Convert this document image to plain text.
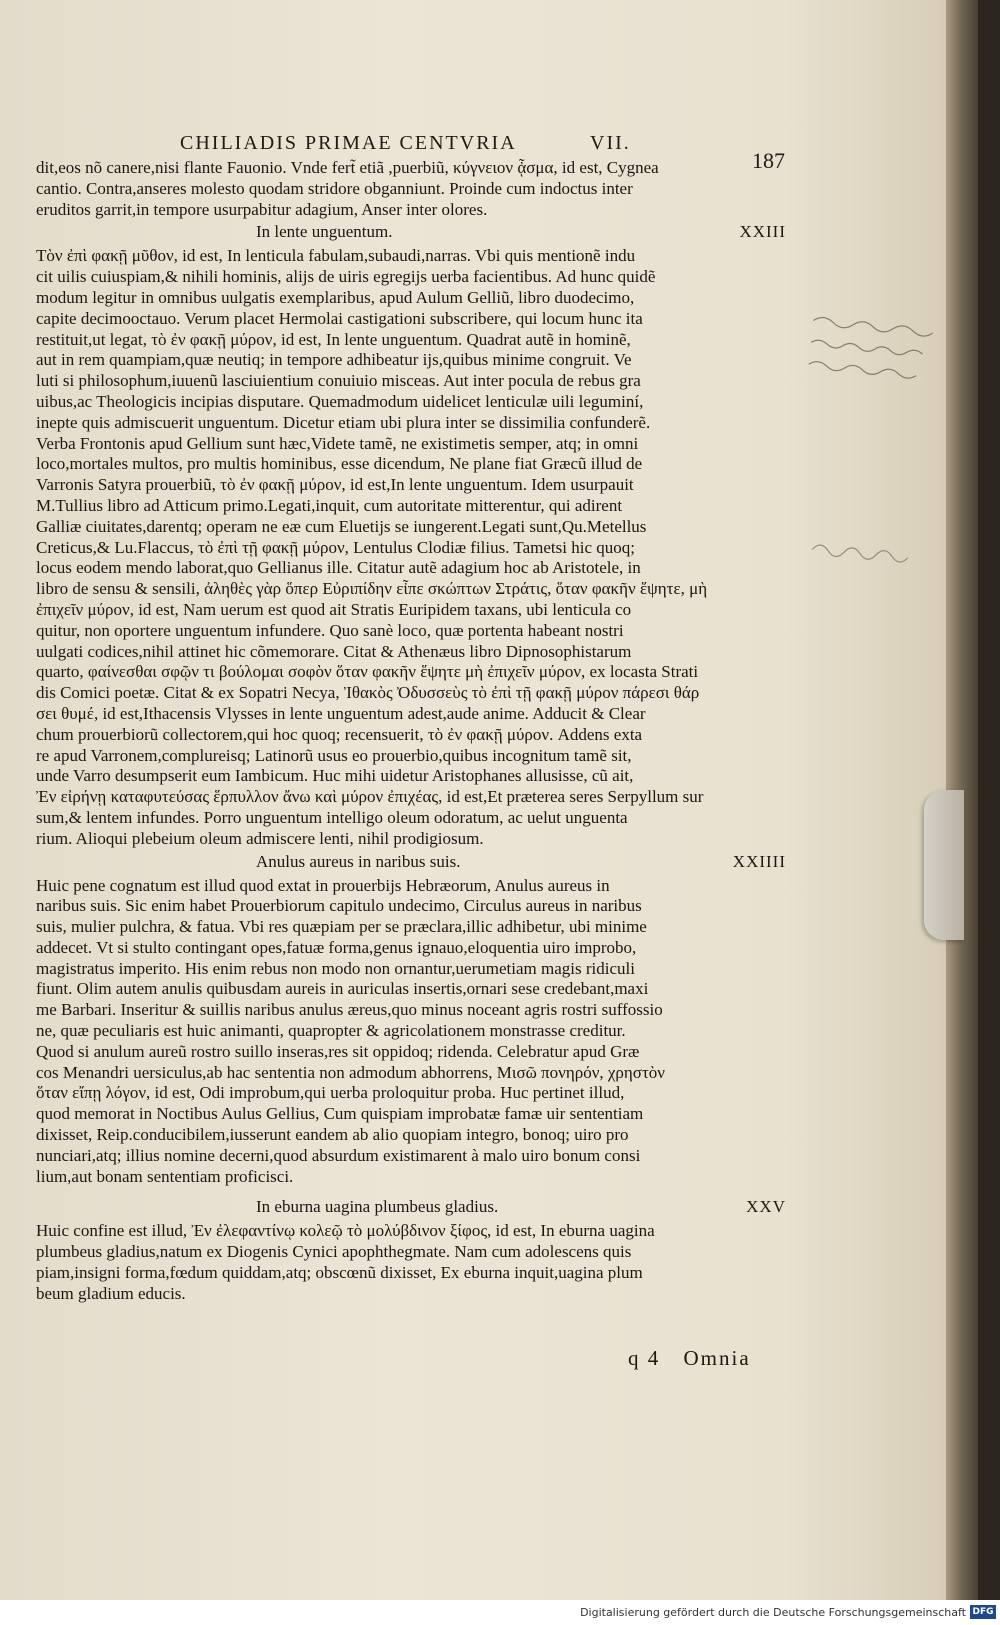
CHILIADIS PRIMAE CENTVRIA	VII.
187
dit,eos nõ canere,nisi flante Fauonio. Vnde fert̃ etiã ,puerbiũ, κύγνειον ᾆσμα, id est, Cygnea
cantio. Contra,anseres molesto quodam stridore obganniunt. Proinde cum indoctus inter
eruditos garrit,in tempore usurpabitur adagium, Anser inter olores.
In lente unguentum.	XXIII
Τὸν ἐπὶ φακῇ μῦθον, id est, In lenticula fabulam,subaudi,narras. Vbi quis mentionẽ indu
cit uilis cuiuspiam,& nihili hominis, alijs de uiris egregijs uerba facientibus. Ad hunc quidẽ
modum legitur in omnibus uulgatis exemplaribus, apud Aulum Gelliũ, libro duodecimo,
capite decimooctauo. Verum placet Hermolai castigationi subscribere, qui locum hunc ita
restituit,ut legat, τὸ ἐν φακῇ μύρον, id est, In lente unguentum. Quadrat autẽ in hominẽ,
aut in rem quampiam,quæ neutiq; in tempore adhibeatur ijs,quibus minime congruit. Ve
luti si philosophum,iuuenũ lasciuientium conuiuio misceas. Aut inter pocula de rebus gra
uibus,ac Theologicis incipias disputare. Quemadmodum uidelicet lenticulæ uili leguminí,
inepte quis admiscuerit unguentum. Dicetur etiam ubi plura inter se dissimilia confunderẽ.
Verba Frontonis apud Gellium sunt hæc,Videte tamẽ, ne existimetis semper, atq; in omni
loco,mortales multos, pro multis hominibus, esse dicendum, Ne plane fiat Græcũ illud de
Varronis Satyra prouerbiũ, τὸ ἐν φακῇ μύρον, id est,In lente unguentum. Idem usurpauit
M.Tullius libro ad Atticum primo.Legati,inquit, cum autoritate mitterentur, qui adirent
Galliæ ciuitates,darentq; operam ne eæ cum Eluetijs se iungerent.Legati sunt,Qu.Metellus
Creticus,& Lu.Flaccus, τὸ ἐπὶ τῇ φακῇ μύρον, Lentulus Clodiæ filius. Tametsi hic quoq;
locus eodem mendo laborat,quo Gellianus ille. Citatur autẽ adagium hoc ab Aristotele, in
libro de sensu & sensili, ἀληθὲς γὰρ ὅπερ Εὐριπίδην εἶπε σκώπτων Στράτις, ὅταν φακῆν ἕψητε, μὴ
ἐπιχεῖν μύρον, id est, Nam uerum est quod ait Stratis Euripidem taxans, ubi lenticula co
quitur, non oportere unguentum infundere. Quo sanè loco, quæ portenta habeant nostri
uulgati codices,nihil attinet hic cõmemorare. Citat & Athenæus libro Dipnosophistarum
quarto, φαίνεσθαι σφῷν τι βούλομαι σοφὸν ὅταν φακῆν ἕψητε μὴ ἐπιχεῖν μύρον, ex locasta Strati
dis Comici poetæ. Citat & ex Sopatri Necya, Ἰθακὸς Ὀδυσσεὺς τὸ ἐπὶ τῇ φακῇ μύρον πάρεσι θάρ
σει θυμέ, id est,Ithacensis Vlysses in lente unguentum adest,aude anime. Adducit & Clear
chum prouerbiorũ collectorem,qui hoc quoq; recensuerit, τὸ ἐν φακῇ μύρον. Addens exta
re apud Varronem,complureisq; Latinorũ usus eo prouerbio,quibus incognitum tamẽ sit,
unde Varro desumpserit eum Iambicum. Huc mihi uidetur Aristophanes allusisse, cũ ait,
Ἐν εἰρήνῃ καταφυτεύσας ἕρπυλλον ἄνω καὶ μύρον ἐπιχέας, id est,Et præterea seres Serpyllum sur
sum,& lentem infundes. Porro unguentum intelligo oleum odoratum, ac uelut unguenta
rium. Alioqui plebeium oleum admiscere lenti, nihil prodigiosum.
Anulus aureus in naribus suis.	XXIIII
Huic pene cognatum est illud quod extat in prouerbijs Hebræorum, Anulus aureus in
naribus suis. Sic enim habet Prouerbiorum capitulo undecimo, Circulus aureus in naribus
suis, mulier pulchra, & fatua. Vbi res quæpiam per se præclara,illic adhibetur, ubi minime
addecet. Vt si stulto contingant opes,fatuæ forma,genus ignauo,eloquentia uiro improbo,
magistratus imperito. His enim rebus non modo non ornantur,uerumetiam magis ridiculi
fiunt. Olim autem anulis quibusdam aureis in auriculas insertis,ornari sese credebant,maxi
me Barbari. Inseritur & suillis naribus anulus æreus,quo minus noceant agris rostri suffossio
ne, quæ peculiaris est huic animanti, quapropter & agricolationem monstrasse creditur.
Quod si anulum aureũ rostro suillo inseras,res sit oppidoq; ridenda. Celebratur apud Græ
cos Menandri uersiculus,ab hac sententia non admodum abhorrens, Μισῶ πονηρόν, χρηστὸν
ὅταν εἴπῃ λόγον, id est, Odi improbum,qui uerba proloquitur proba. Huc pertinet illud,
quod memorat in Noctibus Aulus Gellius, Cum quispiam improbatæ famæ uir sententiam
dixisset, Reip.conducibilem,iusserunt eandem ab alio quopiam integro, bonoq; uiro pro
nunciari,atq; illius nomine decerni,quod absurdum existimarent à malo uiro bonum consi
lium,aut bonam sententiam proficisci.
In eburna uagina plumbeus gladius.	XXV
Huic confine est illud, Ἐν ἐλεφαντίνῳ κολεῷ τὸ μολύβδινον ξίφος, id est, In eburna uagina
plumbeus gladius,natum ex Diogenis Cynici apophthegmate. Nam cum adolescens quis
piam,insigni forma,fœdum quiddam,atq; obscœnũ dixisset, Ex eburna inquit,uagina plum
beum gladium educis.
q 4 Omnia
Digitalisierung gefördert durch die Deutsche Forschungsgemeinschaft DFG
